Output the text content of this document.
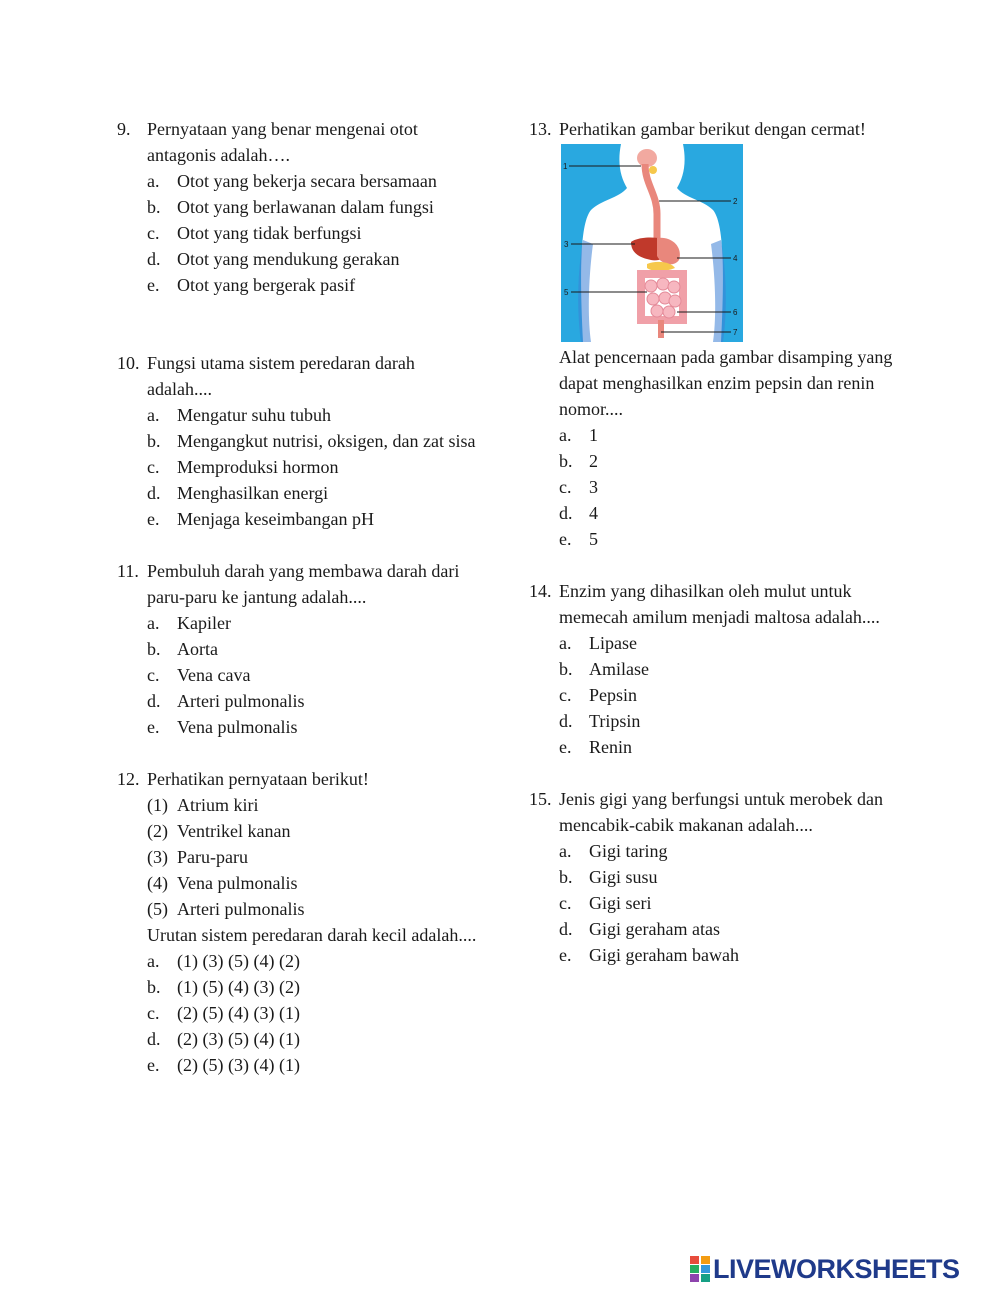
9. Pernyataan yang benar mengenai otot antagonis adalah….
a. Otot yang bekerja secara bersamaan
b. Otot yang berlawanan dalam fungsi
c. Otot yang tidak berfungsi
d. Otot yang mendukung gerakan
e. Otot yang bergerak pasif
10. Fungsi utama sistem peredaran darah adalah....
a. Mengatur suhu tubuh
b. Mengangkut nutrisi, oksigen, dan zat sisa
c. Memproduksi hormon
d. Menghasilkan energi
e. Menjaga keseimbangan pH
11. Pembuluh darah yang membawa darah dari paru-paru ke jantung adalah....
a. Kapiler
b. Aorta
c. Vena cava
d. Arteri pulmonalis
e. Vena pulmonalis
12. Perhatikan pernyataan berikut!
(1) Atrium kiri
(2) Ventrikel kanan
(3) Paru-paru
(4) Vena pulmonalis
(5) Arteri pulmonalis
Urutan sistem peredaran darah kecil adalah....
a. (1) (3) (5) (4) (2)
b. (1) (5) (4) (3) (2)
c. (2) (5) (4) (3) (1)
d. (2) (3) (5) (4) (1)
e. (2) (5) (3) (4) (1)
13. Perhatikan gambar berikut dengan cermat!
1
2
3
4
5
6
7
Alat pencernaan pada gambar disamping yang dapat menghasilkan enzim pepsin dan renin nomor....
a. 1
b. 2
c. 3
d. 4
e. 5
14. Enzim yang dihasilkan oleh mulut untuk memecah amilum menjadi maltosa adalah....
a. Lipase
b. Amilase
c. Pepsin
d. Tripsin
e. Renin
15. Jenis gigi yang berfungsi untuk merobek dan mencabik-cabik makanan adalah....
a. Gigi taring
b. Gigi susu
c. Gigi seri
d. Gigi geraham atas
e. Gigi geraham bawah
LIVEWORKSHEETS
